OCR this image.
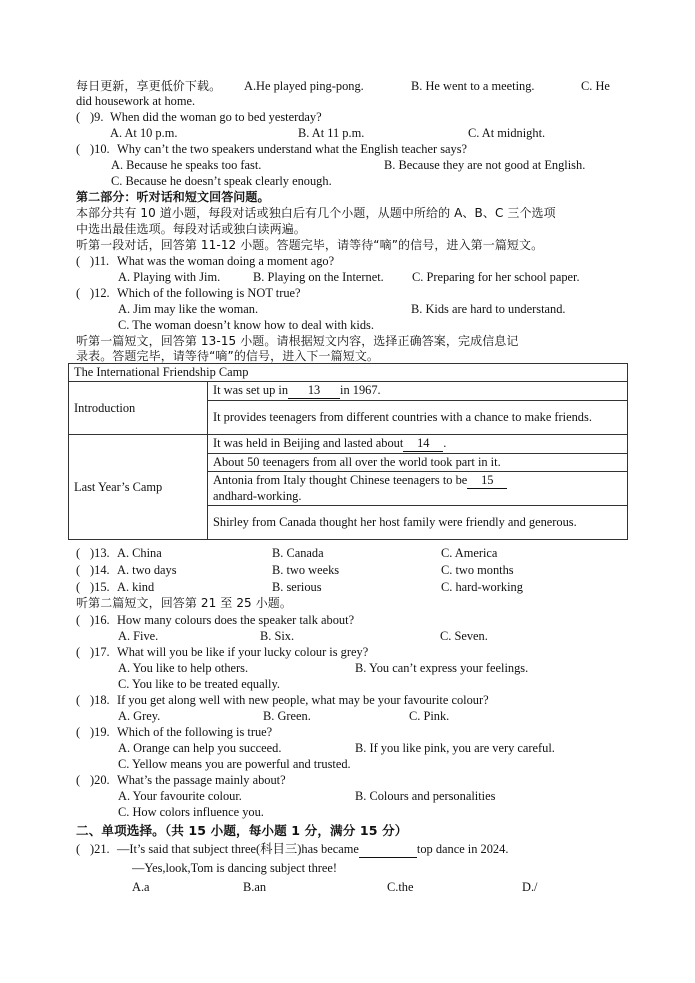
每日更新，享更低价下载。 A.He played ping-pong.	B. He went to a meeting.	C. He
did housework at home.
( )9. When did the woman go to bed yesterday?
A. At 10 p.m.	B. At 11 p.m.	C. At midnight.
( )10. Why can’t the two speakers understand what the English teacher says?
A. Because he speaks too fast.	B. Because they are not good at English.
C. Because he doesn’t speak clearly enough.
第二部分：听对话和短文回答问题。
本部分共有 10 道小题，每段对话或独白后有几个小题，从题中所给的 A、B、C 三个选项
中选出最佳选项。每段对话或独白读两遍。
听第一段对话，回答第 11-12 小题。答题完毕，请等待“嘀”的信号，进入第一篇短文。
( )11. What was the woman doing a moment ago?
A. Playing with Jim.	B. Playing on the Internet. C. Preparing for her school paper.
( )12. Which of the following is NOT true?
A. Jim may like the woman.	B. Kids are hard to understand.
C. The woman doesn’t know how to deal with kids.
听第一篇短文，回答第 13-15 小题。请根据短文内容，选择正确答案，完成信息记
录表。答题完毕，请等待“嘀”的信号，进入下一篇短文。
The International Friendship Camp	
Introduction	It was set up in 13 in 1967.
	It provides teenagers from different countries with a chance to make friends.
Last Year’s Camp	It was held in Beijing and lasted about 14 .
	About 50 teenagers from all over the world took part in it.
	Antonia from Italy thought Chinese teenagers to be 15
andhard-working.
	Shirley from Canada thought her host family were friendly and generous.
( )13. A. China	B. Canada	C. America
( )14. A. two days	B. two weeks	C. two months
( )15. A. kind	B. serious	C. hard-working
听第二篇短文，回答第 21 至 25 小题。
( )16. How many colours does the speaker talk about?
A. Five.	B. Six.	C. Seven.
( )17. What will you be like if your lucky colour is grey?
A. You like to help others.	B. You can’t express your feelings.
C. You like to be treated equally.
( )18. If you get along well with new people, what may be your favourite colour?
A. Grey.	B. Green.	C. Pink.
( )19. Which of the following is true?
A. Orange can help you succeed.	B. If you like pink, you are very careful.
C. Yellow means you are powerful and trusted.
( )20. What’s the passage mainly about?
A. Your favourite colour.	B. Colours and personalities
C. How colors influence you.
二、单项选择。（共 15 小题，每小题 1 分，满分 15 分）
( )21. —It’s said that subject three(科目三)has became	top dance in 2024.
—Yes,look,Tom is dancing subject three!
A.a	B.an	C.the	D./
